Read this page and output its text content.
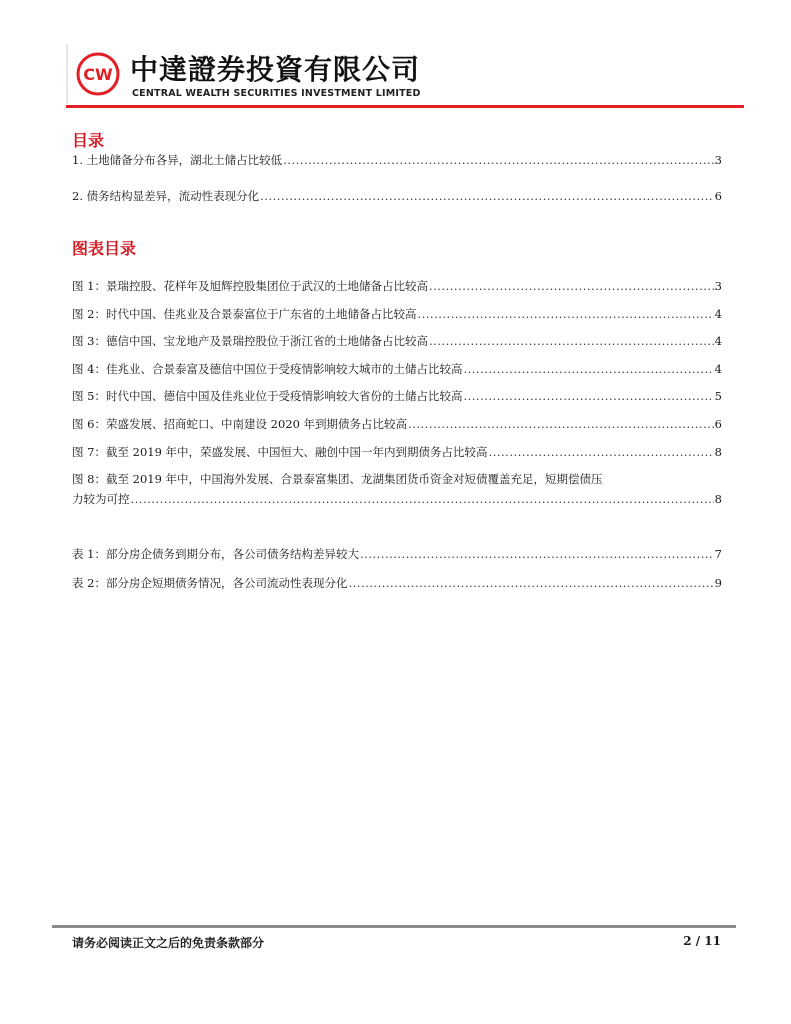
CW 中達證券投資有限公司
CENTRAL WEALTH SECURITIES INVESTMENT LIMITED
目录
1. 土地储备分布各异，湖北土储占比较低 .....	3
2. 债务结构显差异，流动性表现分化 .....	6
图表目录
图 1：景瑞控股、花样年及旭辉控股集团位于武汉的土地储备占比较高 .....	3
图 2：时代中国、佳兆业及合景泰富位于广东省的土地储备占比较高 .....	4
图 3：德信中国、宝龙地产及景瑞控股位于浙江省的土地储备占比较高 .....	4
图 4：佳兆业、合景泰富及德信中国位于受疫情影响较大城市的土储占比较高 .....	4
图 5：时代中国、德信中国及佳兆业位于受疫情影响较大省份的土储占比较高 .....	5
图 6：荣盛发展、招商蛇口、中南建设 2020 年到期债务占比较高 .....	6
图 7：截至 2019 年中，荣盛发展、中国恒大、融创中国一年内到期债务占比较高 .....	8
图 8：截至 2019 年中，中国海外发展、合景泰富集团、龙湖集团货币资金对短债覆盖充足，短期偿债压
力较为可控 .....	8
表 1：部分房企债务到期分布，各公司债务结构差异较大 .....	7
表 2：部分房企短期债务情况，各公司流动性表现分化 .....	9
请务必阅读正文之后的免责条款部分	2 / 11
